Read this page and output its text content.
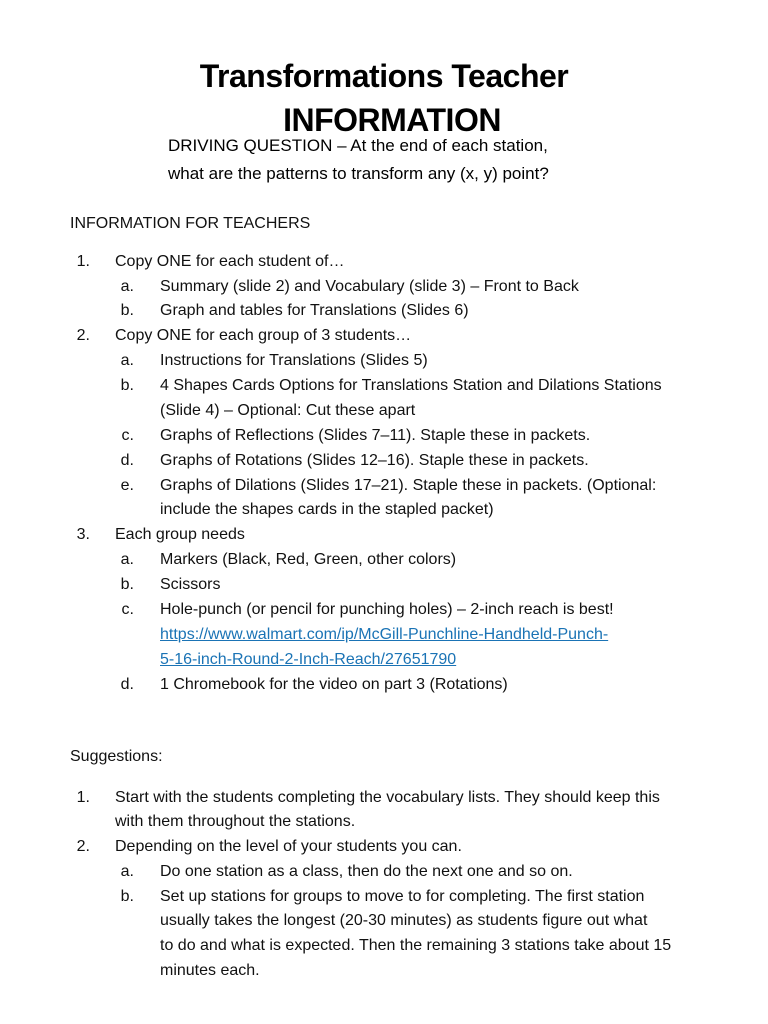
Transformations Teacher
INFORMATION
DRIVING QUESTION – At the end of each station,
what are the patterns to transform any (x, y) point?
INFORMATION FOR TEACHERS
1. Copy ONE for each student of…
a. Summary (slide 2) and Vocabulary (slide 3) – Front to Back
b. Graph and tables for Translations (Slides 6)
2. Copy ONE for each group of 3 students…
a. Instructions for Translations (Slides 5)
b. 4 Shapes Cards Options for Translations Station and Dilations Stations
(Slide 4) – Optional: Cut these apart
c. Graphs of Reflections (Slides 7–11). Staple these in packets.
d. Graphs of Rotations (Slides 12–16). Staple these in packets.
e. Graphs of Dilations (Slides 17–21). Staple these in packets. (Optional:
include the shapes cards in the stapled packet)
3. Each group needs
a. Markers (Black, Red, Green, other colors)
b. Scissors
c. Hole-punch (or pencil for punching holes) – 2-inch reach is best!
https://www.walmart.com/ip/McGill-Punchline-Handheld-Punch-
5-16-inch-Round-2-Inch-Reach/27651790
d. 1 Chromebook for the video on part 3 (Rotations)
Suggestions:
1. Start with the students completing the vocabulary lists. They should keep this
with them throughout the stations.
2. Depending on the level of your students you can.
a. Do one station as a class, then do the next one and so on.
b. Set up stations for groups to move to for completing. The first station
usually takes the longest (20-30 minutes) as students figure out what
to do and what is expected. Then the remaining 3 stations take about 15
minutes each.
